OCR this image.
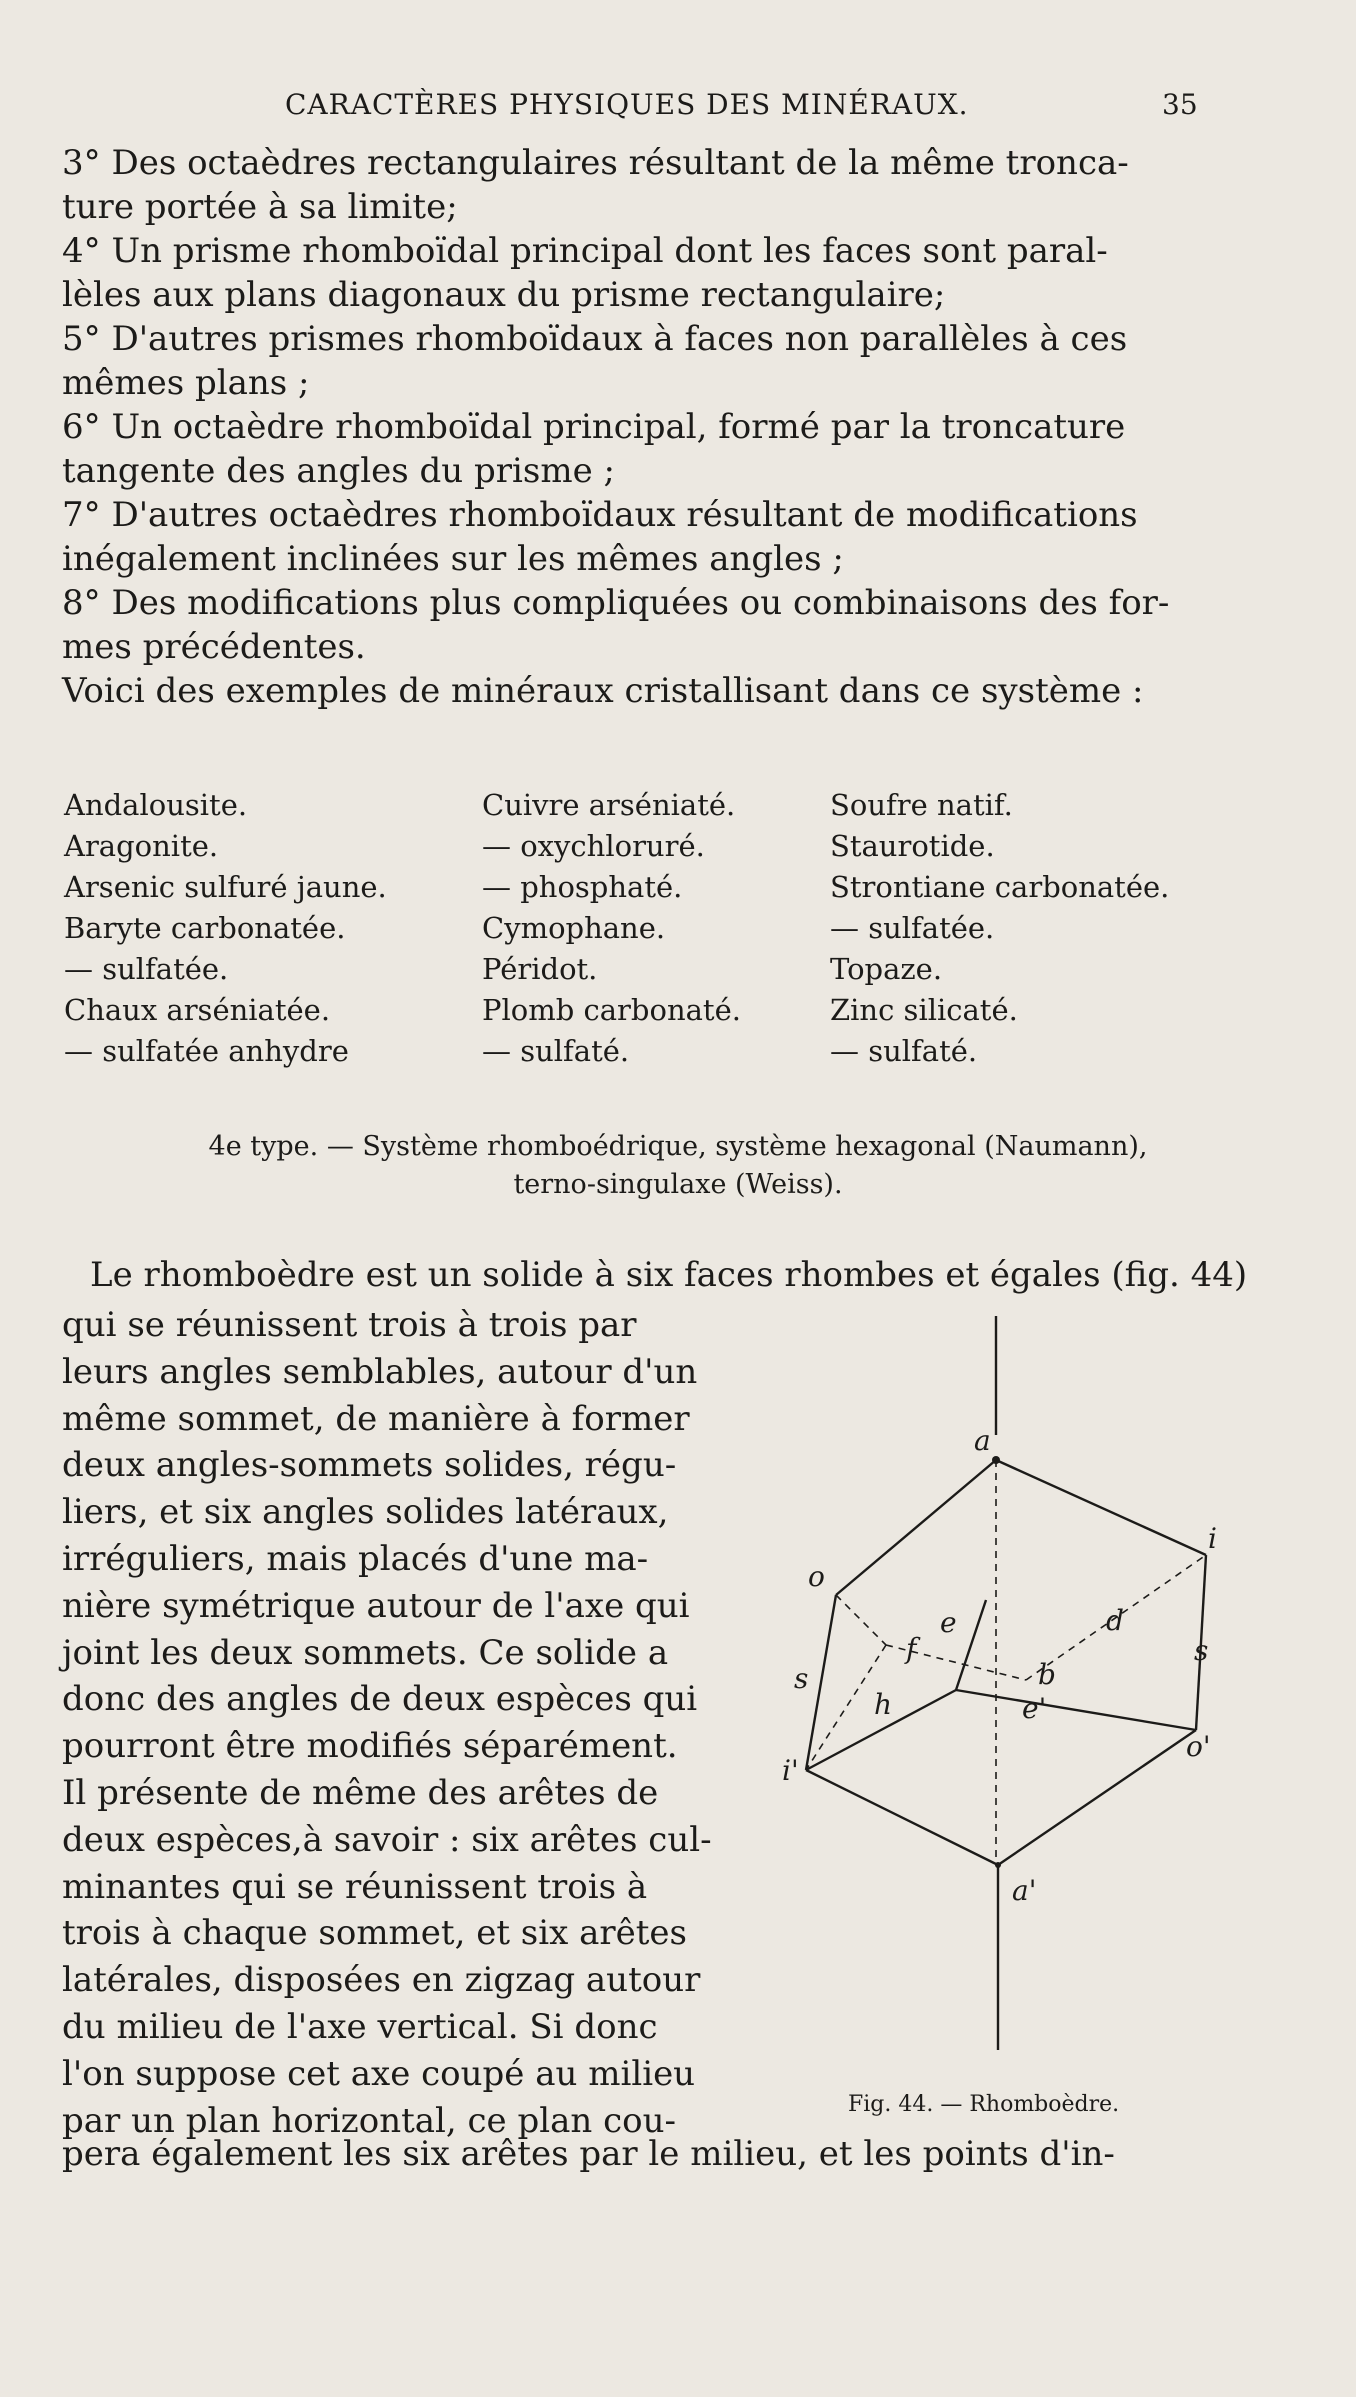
CARACTÈRES PHYSIQUES DES MINÉRAUX.	35
3° Des octaèdres rectangulaires résultant de la même tronca-
ture portée à sa limite;
4° Un prisme rhomboïdal principal dont les faces sont paral-
lèles aux plans diagonaux du prisme rectangulaire;
5° D'autres prismes rhomboïdaux à faces non parallèles à ces
mêmes plans ;
6° Un octaèdre rhomboïdal principal, formé par la troncature
tangente des angles du prisme ;
7° D'autres octaèdres rhomboïdaux résultant de modifications
inégalement inclinées sur les mêmes angles ;
8° Des modifications plus compliquées ou combinaisons des for-
mes précédentes.
Voici des exemples de minéraux cristallisant dans ce système :
Andalousite.
Aragonite.
Arsenic sulfuré jaune.
Baryte carbonatée.
— sulfatée.
Chaux arséniatée.
— sulfatée anhydre
Cuivre arséniaté.
— oxychloruré.
— phosphaté.
Cymophane.
Péridot.
Plomb carbonaté.
— sulfaté.
Soufre natif.
Staurotide.
Strontiane carbonatée.
— sulfatée.
Topaze.
Zinc silicaté.
— sulfaté.
4e type. — Système rhomboédrique, système hexagonal (Naumann),
terno-singulaxe (Weiss).
Le rhomboèdre est un solide à six faces rhombes et égales (fig. 44)
qui se réunissent trois à trois par
leurs angles semblables, autour d'un
même sommet, de manière à former
deux angles-sommets solides, régu-
liers, et six angles solides latéraux,
irréguliers, mais placés d'une ma-
nière symétrique autour de l'axe qui
joint les deux sommets. Ce solide a
donc des angles de deux espèces qui
pourront être modifiés séparément.
Il présente de même des arêtes de
deux espèces,à savoir : six arêtes cul-
minantes qui se réunissent trois à
trois à chaque sommet, et six arêtes
latérales, disposées en zigzag autour
du milieu de l'axe vertical. Si donc
l'on suppose cet axe coupé au milieu
par un plan horizontal, ce plan cou-
pera également les six arêtes par le milieu, et les points d'in-
a
o
i
e
f
d
s
h	e'
b
s
i'
o'
a'
Fig. 44. — Rhomboèdre.
